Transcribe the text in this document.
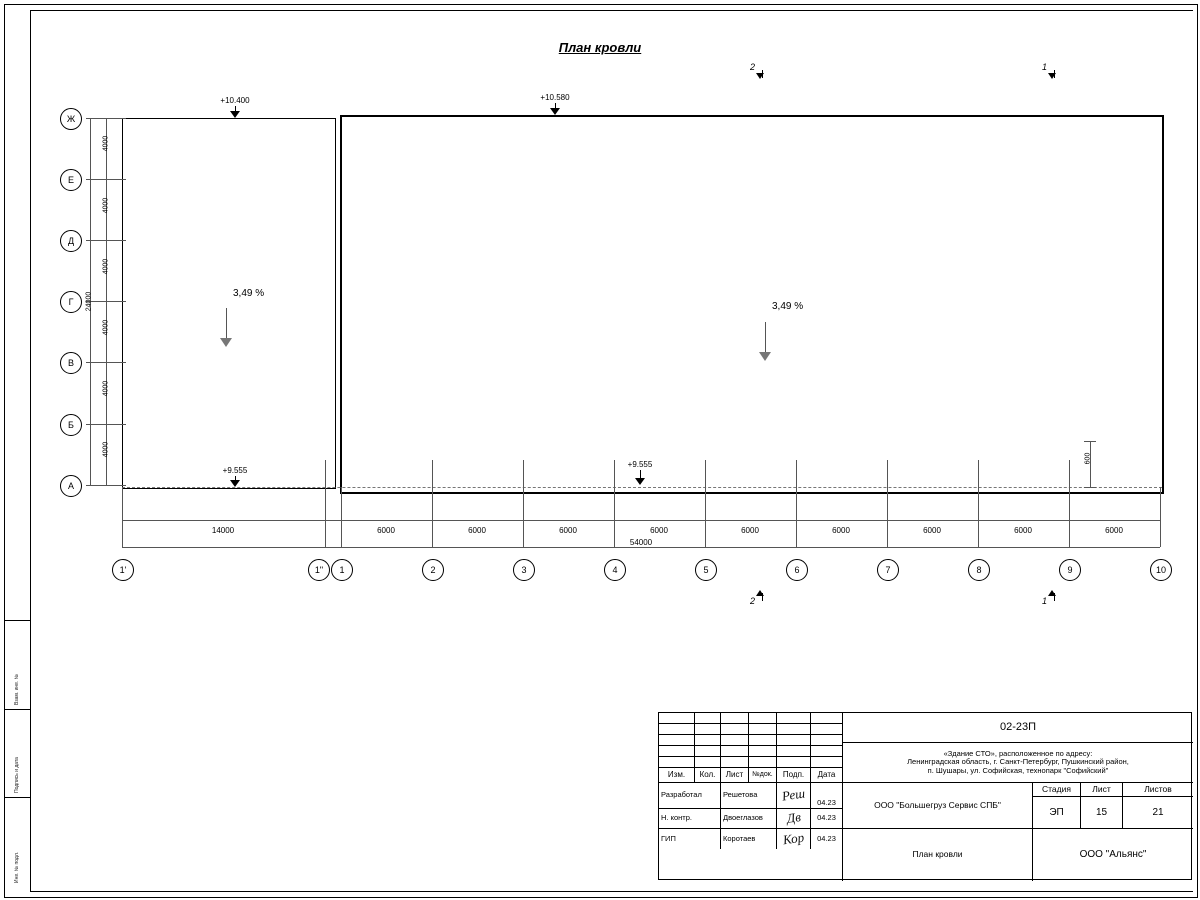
Взам. инв. №
Подпись и дата
Инв. № подл.
План кровли
2	1
+10.400	+10.580
+9.555
+9.555
3,49 %
3,49 %
600
Ж
Е
Д
Г
В
Б
А
4000
4000
4000
4000
4000
4000
24000
14000	6000	6000	6000	6000	6000	6000	6000	6000	6000
54000
1'	1"	1	2	3	4	5	6	7	8	9	10
2	1
Изм.	Кол.	Лист	№док.	Подп.	Дата
Разработал	Решетова	Реш	04.23
Н. контр.	Двоеглазов	Дв	04.23
ГИП	Коротаев	Кор	04.23
02-23П
«Здание СТО», расположенное по адресу:
Ленинградская область, г. Санкт-Петербург, Пушкинский район,
п. Шушары, ул. Софийская, технопарк "Софийский"
ООО "Большегруз Сервис СПБ"
Стадия	Лист	Листов
ЭП	15	21
План кровли	ООО "Альянс"
